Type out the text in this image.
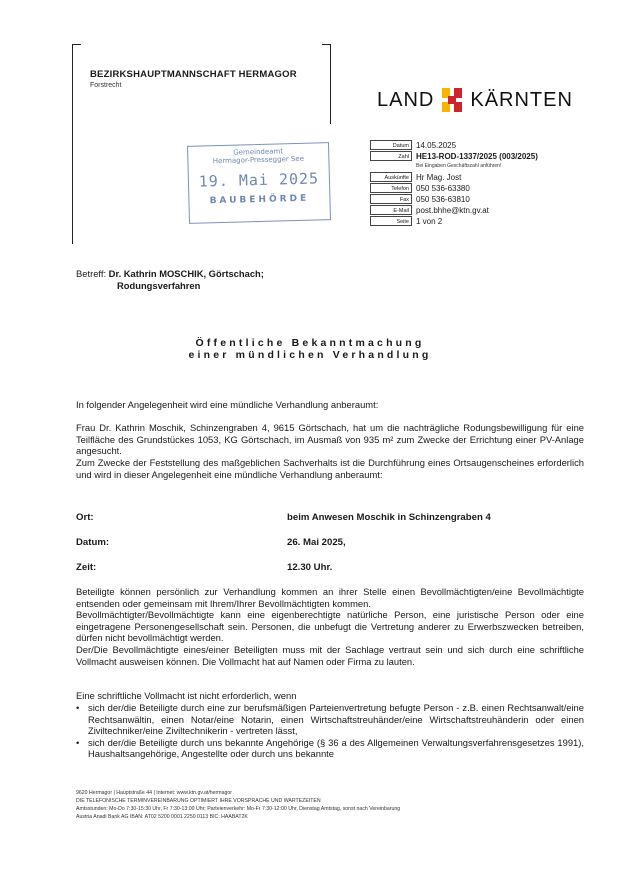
BEZIRKSHAUPTMANNSCHAFT HERMAGOR
Forstrecht
LAND KÄRNTEN
Gemeindeamt
Hermagor-Pressegger See
19. Mai 2025
BAUBEHÖRDE
Datum 14.05.2025
Zahl HE13-ROD-1337/2025 (003/2025)
Bei Eingaben Geschäftszahl anführen!
Auskünfte Hr Mag. Jost
Telefon 050 536-63380
Fax 050 536-63810
E-Mail post.bhhe@ktn.gv.at
Seite 1 von 2
Betreff: Dr. Kathrin MOSCHIK, Görtschach;
Rodungsverfahren
Öffentliche Bekanntmachung
einer mündlichen Verhandlung
In folgender Angelegenheit wird eine mündliche Verhandlung anberaumt:
Frau Dr. Kathrin Moschik, Schinzengraben 4, 9615 Görtschach, hat um die nachträgliche Rodungsbewilligung für eine Teilfläche des Grundstückes 1053, KG Görtschach, im Ausmaß von 935 m² zum Zwecke der Errichtung einer PV-Anlage angesucht.
Zum Zwecke der Feststellung des maßgeblichen Sachverhalts ist die Durchführung eines Ortsaugenscheines erforderlich und wird in dieser Angelegenheit eine mündliche Verhandlung anberaumt:
Ort:	beim Anwesen Moschik in Schinzengraben 4
Datum:	26. Mai 2025,
Zeit:	12.30 Uhr.
Beteiligte können persönlich zur Verhandlung kommen an ihrer Stelle einen Bevollmächtigten/eine Bevollmächtigte entsenden oder gemeinsam mit Ihrem/Ihrer Bevollmächtigten kommen.
Bevollmächtigter/Bevollmächtigte kann eine eigenberechtigte natürliche Person, eine juristische Person oder eine eingetragene Personengesellschaft sein. Personen, die unbefugt die Vertretung anderer zu Erwerbszwecken betreiben, dürfen nicht bevollmächtigt werden.
Der/Die Bevollmächtigte eines/einer Beteiligten muss mit der Sachlage vertraut sein und sich durch eine schriftliche Vollmacht ausweisen können. Die Vollmacht hat auf Namen oder Firma zu lauten.
Eine schriftliche Vollmacht ist nicht erforderlich, wenn
• sich der/die Beteiligte durch eine zur berufsmäßigen Parteienvertretung befugte Person - z.B. einen Rechtsanwalt/eine Rechtsanwältin, einen Notar/eine Notarin, einen Wirtschaftstreuhänder/eine Wirtschaftstreuhänderin oder einen Ziviltechniker/eine Ziviltechnikerin - vertreten lässt,
• sich der/die Beteiligte durch uns bekannte Angehörige (§ 36 a des Allgemeinen Verwaltungsverfahrensgesetzes 1991), Haushaltsangehörige, Angestellte oder durch uns bekannte
9620 Hermagor | Hauptstraße 44 | Internet: www.ktn.gv.at/hermagor
DIE TELEFONISCHE TERMINVEREINBARUNG OPTIMIERT IHRE VORSPRACHE UND WARTEZEITEN
Amtsstunden: Mo-Do 7:30-15:30 Uhr, Fr 7:30-13:00 Uhr; Parteienverkehr: Mo-Fr 7:30-12:00 Uhr, Dienstag Amtstag, sonst nach Vereinbarung
Austria Anadi Bank AG IBAN: AT02 5200 0001 2250 0113 BIC: HAABAT2K
